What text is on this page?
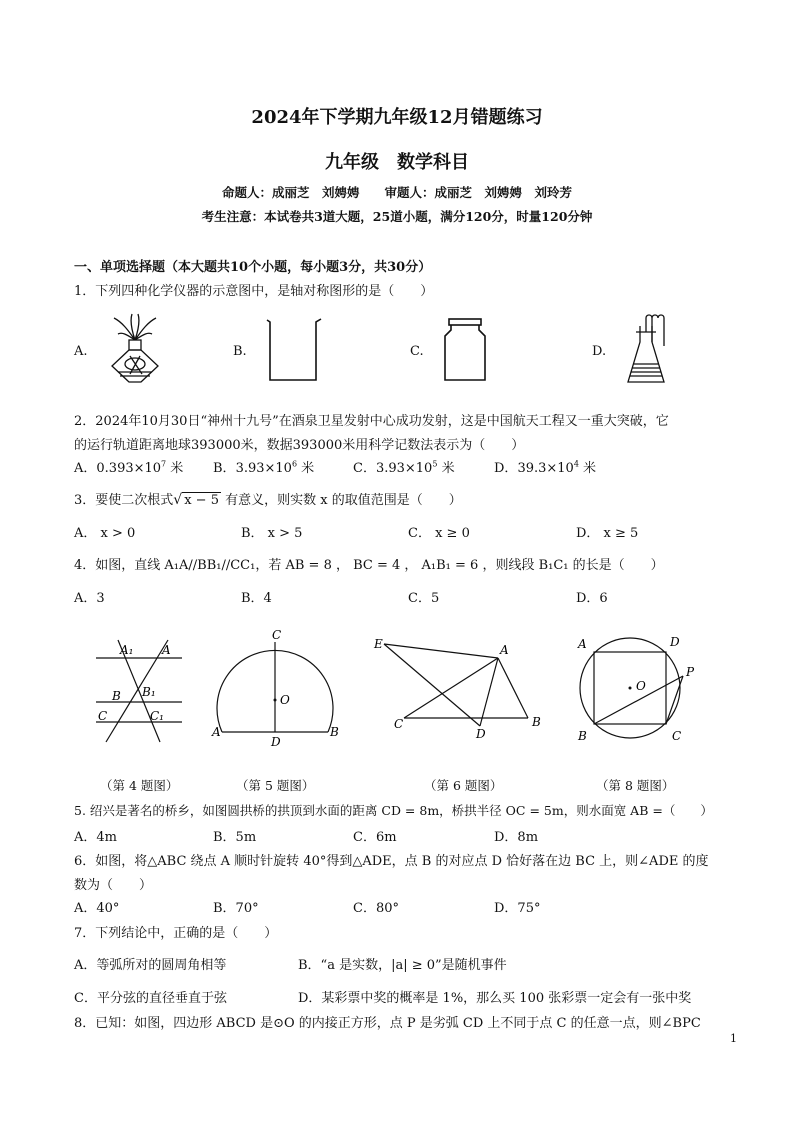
2024年下学期九年级12月错题练习
九年级　数学科目
命题人：成丽芝　刘娉娉　　审题人：成丽芝　刘娉娉　刘玲芳
考生注意：本试卷共3道大题，25道小题，满分120分，时量120分钟
一、单项选择题（本大题共10个小题，每小题3分，共30分）
1．下列四种化学仪器的示意图中，是轴对称图形的是（　　）
A.	B.	C.	D.
2．2024年10月30日“神州十九号”在酒泉卫星发射中心成功发射，这是中国航天工程又一重大突破，它
的运行轨道距离地球393000米，数据393000米用科学记数法表示为（　　）
A．$0.393\times 10^7$ 米 B．$3.93\times 10^6$ 米	C．$3.93\times 10^5$ 米	D．$39.3\times 10^4$ 米
3．要使二次根式√ x − 5 有意义，则实数 x 的取值范围是（　　）
A． x > 0	B． x > 5	C． x ≥ 0	D． x ≥ 5
4．如图，直线 A₁A//BB₁//CC₁，若 AB = 8 ， BC = 4 ， A₁B₁ = 6 ，则线段 B₁C₁ 的长是（　　）
A．3	B．4	C．5	D．6
A₁ A
B B₁
C	C₁
C
O
A
D
B
E	A
C
D
B
A	D
O
P
B	C
（第 4 题图）	（第 5 题图）	（第 6 题图）	（第 8 题图）
5. 绍兴是著名的桥乡，如图圆拱桥的拱顶到水面的距离 CD = 8m，桥拱半径 OC = 5m，则水面宽 AB =（　　）
A．4m	B．5m	C．6m	D．8m
6．如图，将△ABC 绕点 A 顺时针旋转 40°得到△ADE，点 B 的对应点 D 恰好落在边 BC 上，则∠ADE 的度
数为（　　）
A．40°	B．70°	C．80°	D．75°
7．下列结论中，正确的是（　　）
A．等弧所对的圆周角相等	B．“a 是实数，|a| ≥ 0”是随机事件
C．平分弦的直径垂直于弦	D．某彩票中奖的概率是 1%，那么买 100 张彩票一定会有一张中奖
8．已知：如图，四边形 ABCD 是⊙O 的内接正方形，点 P 是劣弧 CD 上不同于点 C 的任意一点，则∠BPC
1
